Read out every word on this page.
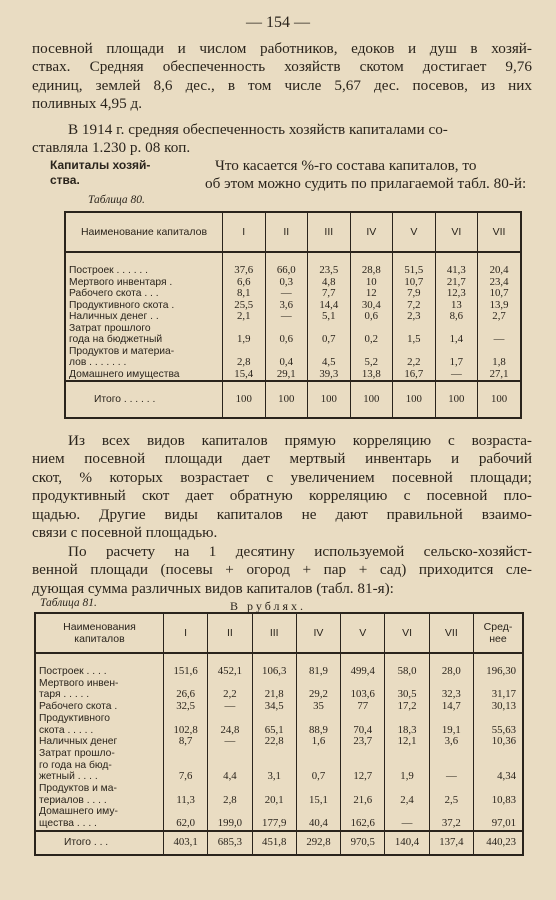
— 154 —
посевной площади и числом работников, едоков и душ в хозяй-
ствах. Средняя обеспеченность хозяйств скотом достигает 9,76
единиц, землей 8,6 дес., в том числе 5,67 дес. посевов, из них
поливных 4,95 д.
В 1914 г. средняя обеспеченность хозяйств капиталами со-
ставляла 1.230 р. 08 коп.
Капиталы хозяй-
ства.
Что касается %-го состава капиталов, то
об этом можно судить по прилагаемой табл. 80-й:
Таблица 80.
Наименование капиталов	I	II	III	IV	V	VI	VII
Построек . . . . . .	37,6	66,0	23,5	28,8	51,5	41,3	20,4
Мертвого инвентаря .	6,6	0,3	4,8	10	10,7	21,7	23,4
Рабочего скота . . .	8,1	—	7,7	12	7,9	12,3	10,7
Продуктивного скота .	25,5	3,6	14,4	30,4	7,2	13	13,9
Наличных денег . .	2,1	—	5,1	0,6	2,3	8,6	2,7
Затрат прошлого							
года на бюджетный	1,9	0,6	0,7	0,2	1,5	1,4	—
Продуктов и материа-							
лов . . . . . . .	2,8	0,4	4,5	5,2	2,2	1,7	1,8
Домашнего имущества	15,4	29,1	39,3	13,8	16,7	—	27,1
Итого . . . . . .	100	100	100	100	100	100	100
Из всех видов капиталов прямую корреляцию с возраста-
нием посевной площади дает мертвый инвентарь и рабочий
скот, % которых возрастает с увеличением посевной площади;
продуктивный скот дает обратную корреляцию с посевной пло-
щадью. Другие виды капиталов не дают правильной взаимо-
связи с посевной площадью.
По расчету на 1 десятину используемой сельско-хозяйст-
венной площади (посевы + огород + пар + сад) приходится сле-
дующая сумма различных видов капиталов (табл. 81-я):
Таблица 81.	В рублях.
Наименования капиталов	I	II	III	IV	V	VI	VII	Сред-нее
Построек . . . .	151,6	452,1	106,3	81,9	499,4	58,0	28,0	196,30
Мертвого инвен-								
таря . . . . .	26,6	2,2	21,8	29,2	103,6	30,5	32,3	31,17
Рабочего скота .	32,5	—	34,5	35	77	17,2	14,7	30,13
Продуктивного								
скота . . . . .	102,8	24,8	65,1	88,9	70,4	18,3	19,1	55,63
Наличных денег	8,7	—	22,8	1,6	23,7	12,1	3,6	10,36
Затрат прошло-								
го года на бюд-								
жетный . . . .	7,6	4,4	3,1	0,7	12,7	1,9	—	4,34
Продуктов и ма-								
териалов . . . .	11,3	2,8	20,1	15,1	21,6	2,4	2,5	10,83
Домашнего иму-								
щества . . . .	62,0	199,0	177,9	40,4	162,6	—	37,2	97,01
Итого . . .	403,1	685,3	451,8	292,8	970,5	140,4	137,4	440,23
